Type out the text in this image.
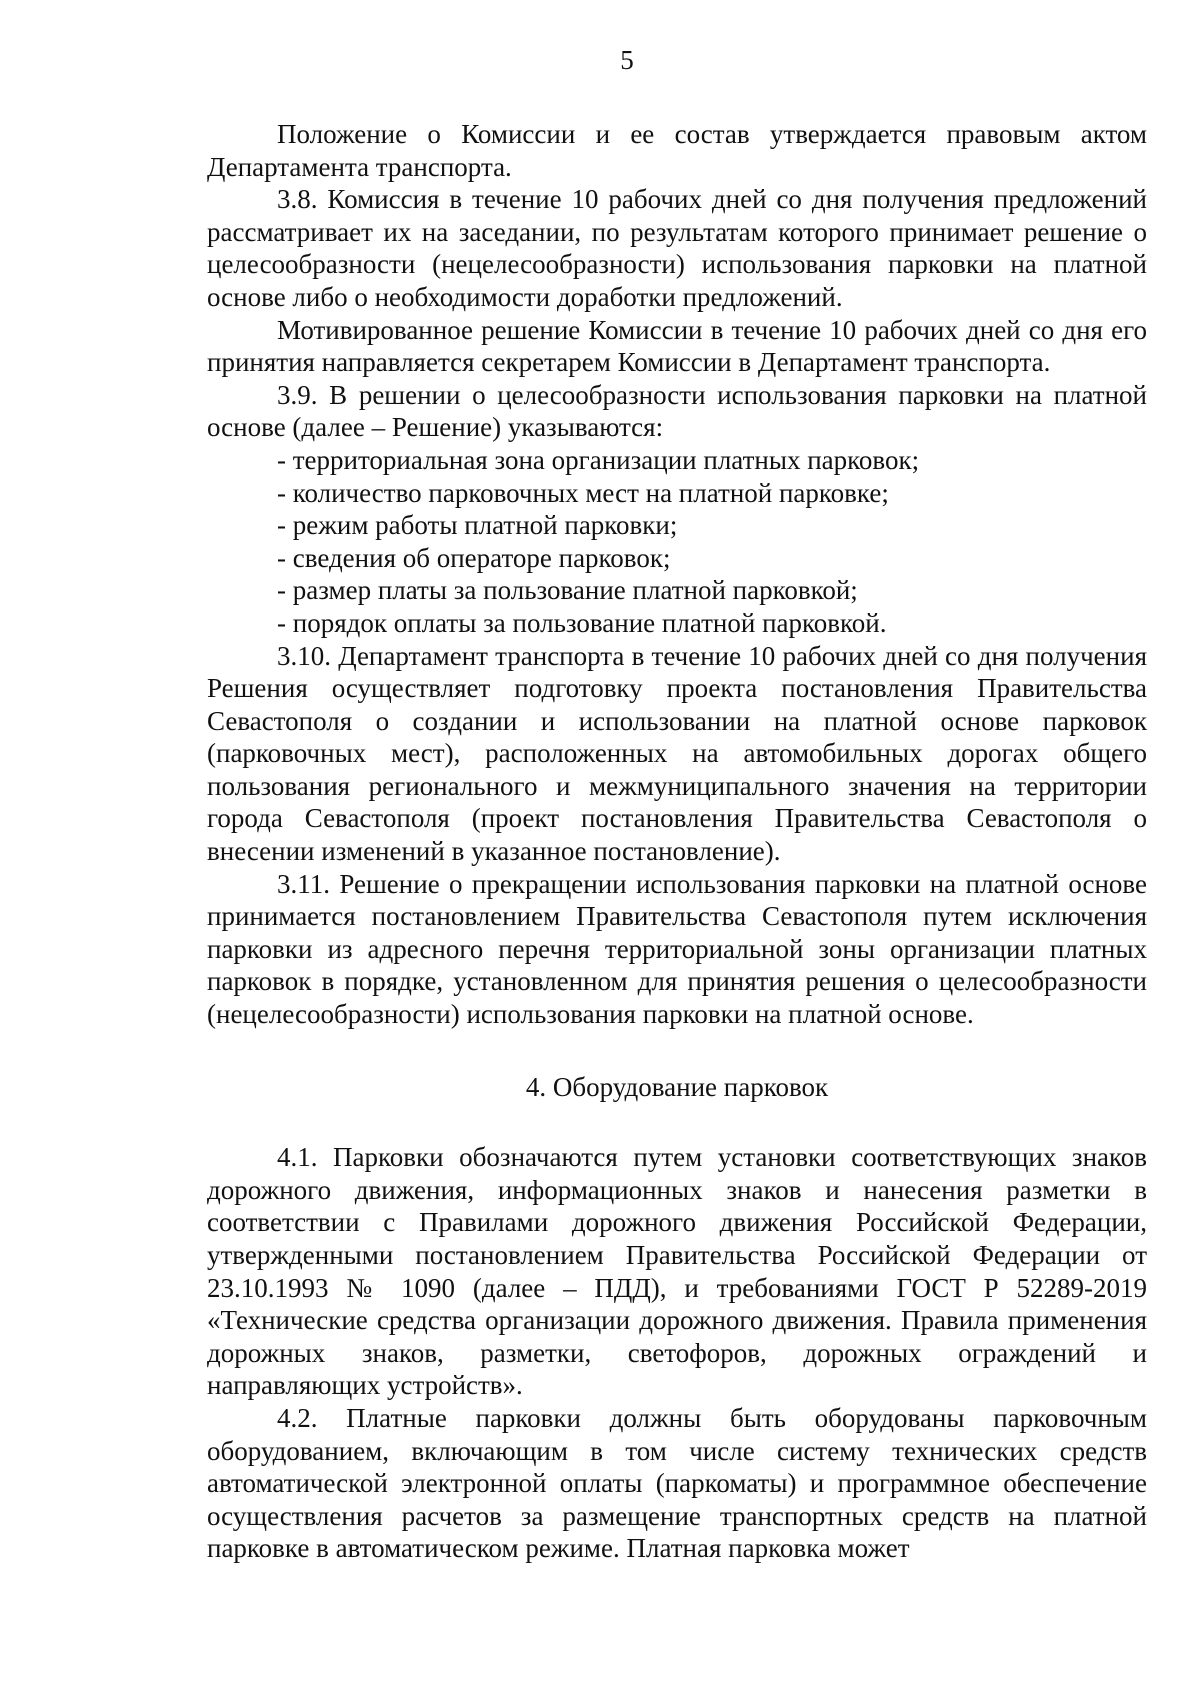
5

Положение о Комиссии и ее состав утверждается правовым актом Департамента транспорта.

3.8. Комиссия в течение 10 рабочих дней со дня получения предложений рассматривает их на заседании, по результатам которого принимает решение о целесообразности (нецелесообразности) использования парковки на платной основе либо о необходимости доработки предложений.

Мотивированное решение Комиссии в течение 10 рабочих дней со дня его принятия направляется секретарем Комиссии в Департамент транспорта.

3.9. В решении о целесообразности использования парковки на платной основе (далее – Решение) указываются:

- территориальная зона организации платных парковок;

- количество парковочных мест на платной парковке;

- режим работы платной парковки;

- сведения об операторе парковок;

- размер платы за пользование платной парковкой;

- порядок оплаты за пользование платной парковкой.

3.10. Департамент транспорта в течение 10 рабочих дней со дня получения Решения осуществляет подготовку проекта постановления Правительства Севастополя о создании и использовании на платной основе парковок (парковочных мест), расположенных на автомобильных дорогах общего пользования регионального и межмуниципального значения на территории города Севастополя (проект постановления Правительства Севастополя о внесении изменений в указанное постановление).

3.11. Решение о прекращении использования парковки на платной основе принимается постановлением Правительства Севастополя путем исключения парковки из адресного перечня территориальной зоны организации платных парковок в порядке, установленном для принятия решения о целесообразности (нецелесообразности) использования парковки на платной основе.

4. Оборудование парковок

4.1. Парковки обозначаются путем установки соответствующих знаков дорожного движения, информационных знаков и нанесения разметки в соответствии с Правилами дорожного движения Российской Федерации, утвержденными постановлением Правительства Российской Федерации от 23.10.1993 № 1090 (далее – ПДД), и требованиями ГОСТ Р 52289-2019 «Технические средства организации дорожного движения. Правила применения дорожных знаков, разметки, светофоров, дорожных ограждений и направляющих устройств».

4.2. Платные парковки должны быть оборудованы парковочным оборудованием, включающим в том числе систему технических средств автоматической электронной оплаты (паркоматы) и программное обеспечение осуществления расчетов за размещение транспортных средств на платной парковке в автоматическом режиме. Платная парковка может
